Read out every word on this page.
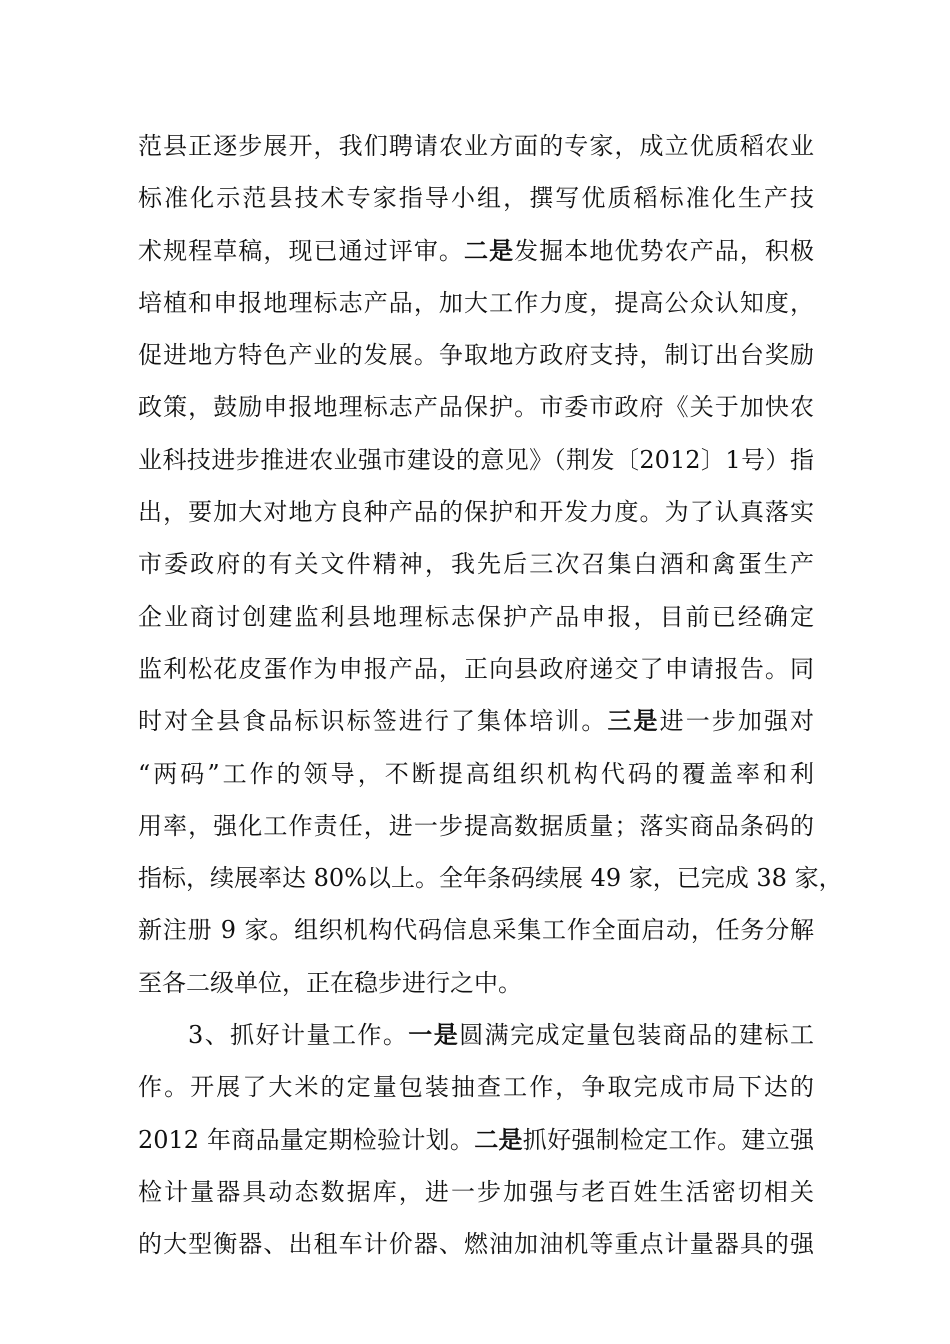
范县正逐步展开，我们聘请农业方面的专家，成立优质稻农业
标准化示范县技术专家指导小组，撰写优质稻标准化生产技
术规程草稿，现已通过评审。二是发掘本地优势农产品，积极
培植和申报地理标志产品，加大工作力度，提高公众认知度，
促进地方特色产业的发展。争取地方政府支持，制订出台奖励
政策，鼓励申报地理标志产品保护。市委市政府《关于加快农
业科技进步推进农业强市建设的意见》（荆发〔2012〕1号）指
出，要加大对地方良种产品的保护和开发力度。为了认真落实
市委政府的有关文件精神，我先后三次召集白酒和禽蛋生产
企业商讨创建监利县地理标志保护产品申报，目前已经确定
监利松花皮蛋作为申报产品，正向县政府递交了申请报告。同
时对全县食品标识标签进行了集体培训。三是进一步加强对
“两码”工作的领导，不断提高组织机构代码的覆盖率和利
用率，强化工作责任，进一步提高数据质量；落实商品条码的
指标，续展率达 80%以上。全年条码续展 49 家，已完成 38 家，
新注册 9 家。组织机构代码信息采集工作全面启动，任务分解
至各二级单位，正在稳步进行之中。
3、抓好计量工作。一是圆满完成定量包装商品的建标工
作。开展了大米的定量包装抽查工作，争取完成市局下达的
2012 年商品量定期检验计划。二是抓好强制检定工作。建立强
检计量器具动态数据库，进一步加强与老百姓生活密切相关
的大型衡器、出租车计价器、燃油加油机等重点计量器具的强
